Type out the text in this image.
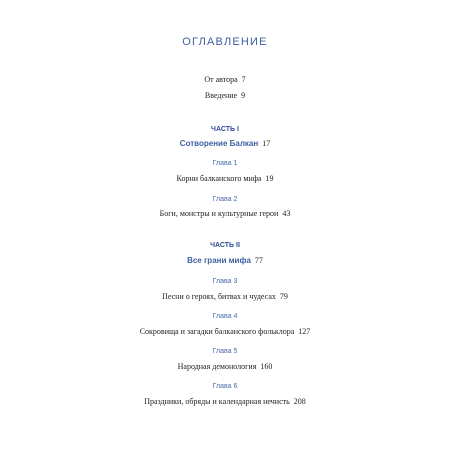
ОГЛАВЛЕНИЕ
От автора 7
Введение 9
ЧАСТЬ I
Сотворение Балкан 17
Глава 1
Корни балканского мифа 19
Глава 2
Боги, монстры и культурные герои 43
ЧАСТЬ II
Все грани мифа 77
Глава 3
Песни о героях, битвах и чудесах 79
Глава 4
Сокровища и загадки балканского фольклора 127
Глава 5
Народная демонология 160
Глава 6
Праздники, обряды и календарная нечисть 208
